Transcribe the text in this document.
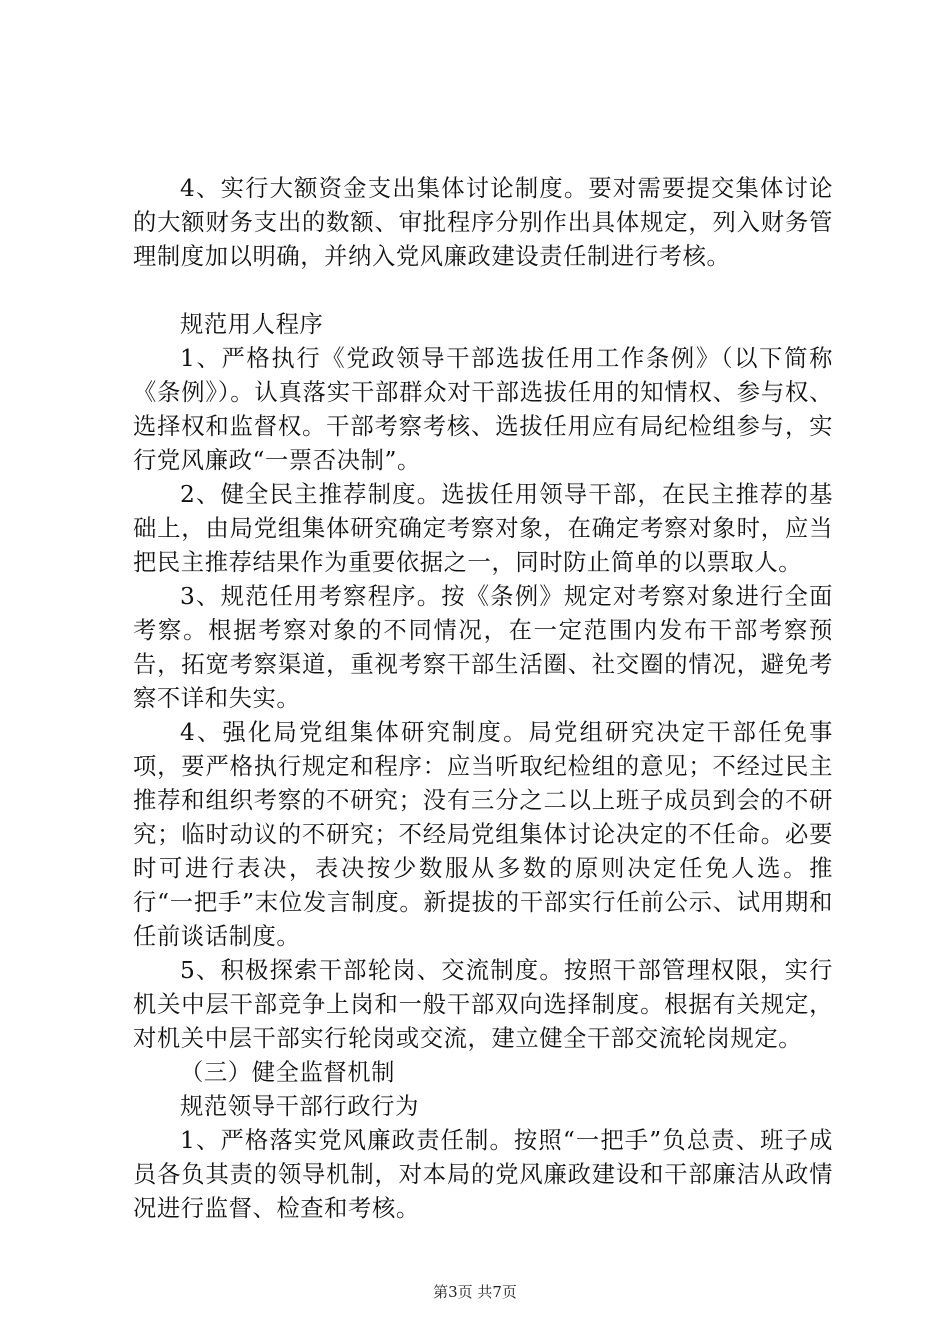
4、实行大额资金支出集体讨论制度。要对需要提交集体讨论的大额财务支出的数额、审批程序分别作出具体规定，列入财务管理制度加以明确，并纳入党风廉政建设责任制进行考核。

规范用人程序

1、严格执行《党政领导干部选拔任用工作条例》（以下简称《条例》）。认真落实干部群众对干部选拔任用的知情权、参与权、选择权和监督权。干部考察考核、选拔任用应有局纪检组参与，实行党风廉政“一票否决制”。

2、健全民主推荐制度。选拔任用领导干部，在民主推荐的基础上，由局党组集体研究确定考察对象，在确定考察对象时，应当把民主推荐结果作为重要依据之一，同时防止简单的以票取人。

3、规范任用考察程序。按《条例》规定对考察对象进行全面考察。根据考察对象的不同情况，在一定范围内发布干部考察预告，拓宽考察渠道，重视考察干部生活圈、社交圈的情况，避免考察不详和失实。

4、强化局党组集体研究制度。局党组研究决定干部任免事项，要严格执行规定和程序：应当听取纪检组的意见；不经过民主推荐和组织考察的不研究；没有三分之二以上班子成员到会的不研究；临时动议的不研究；不经局党组集体讨论决定的不任命。必要时可进行表决，表决按少数服从多数的原则决定任免人选。推行“一把手”末位发言制度。新提拔的干部实行任前公示、试用期和任前谈话制度。

5、积极探索干部轮岗、交流制度。按照干部管理权限，实行机关中层干部竞争上岗和一般干部双向选择制度。根据有关规定，对机关中层干部实行轮岗或交流，建立健全干部交流轮岗规定。

（三）健全监督机制

规范领导干部行政行为

1、严格落实党风廉政责任制。按照“一把手”负总责、班子成员各负其责的领导机制，对本局的党风廉政建设和干部廉洁从政情况进行监督、检查和考核。

第3页 共7页
